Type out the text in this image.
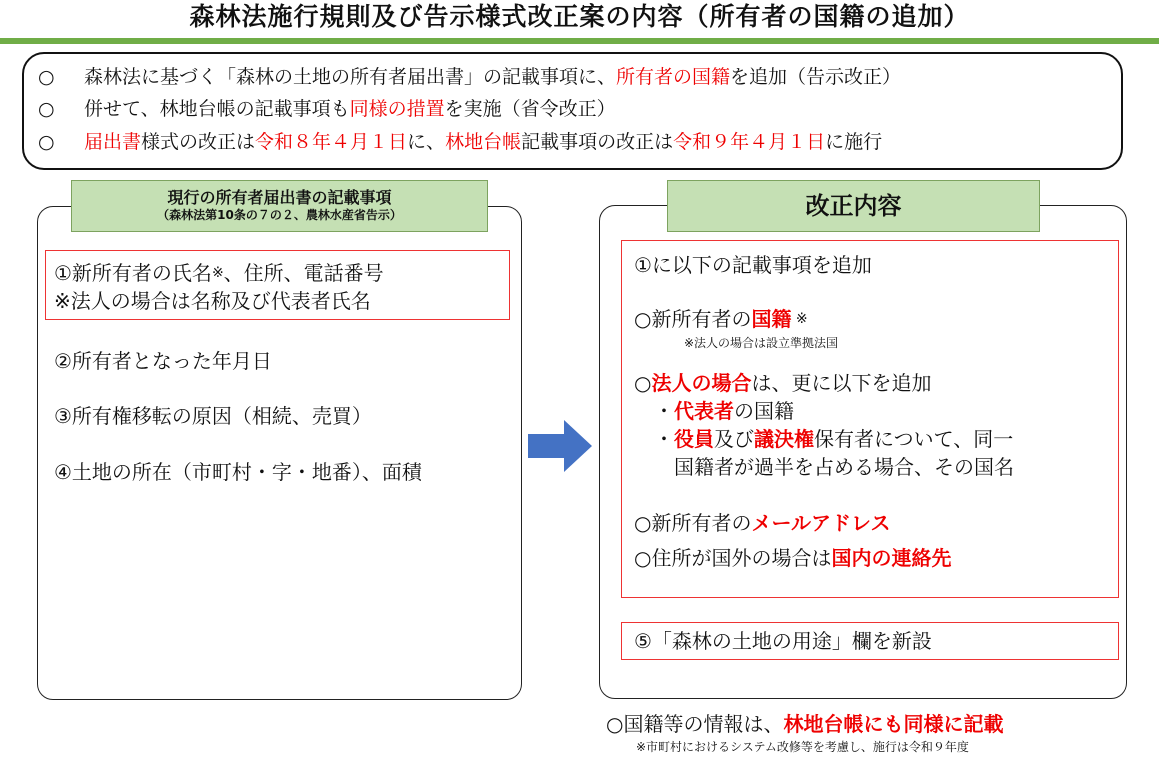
森林法施行規則及び告示様式改正案の内容（所有者の国籍の追加）
○ 森林法に基づく「森林の土地の所有者届出書」の記載事項に、所有者の国籍を追加（告示改正）
○ 併せて、林地台帳の記載事項も同様の措置を実施（省令改正）
○ 届出書様式の改正は令和８年４月１日に、林地台帳記載事項の改正は令和９年４月１日に施行
現行の所有者届出書の記載事項
（森林法第10条の７の２、農林水産省告示）
①新所有者の氏名※、住所、電話番号
※法人の場合は名称及び代表者氏名
②所有者となった年月日
③所有権移転の原因（相続、売買）
④土地の所在（市町村・字・地番）、面積
改正内容
①に以下の記載事項を追加
○新所有者の国籍 ※
※法人の場合は設立準拠法国
○法人の場合は、更に以下を追加
・代表者の国籍
・役員及び議決権保有者について、同一
国籍者が過半を占める場合、その国名
○新所有者のメールアドレス
○住所が国外の場合は国内の連絡先
⑤「森林の土地の用途」欄を新設
○国籍等の情報は、林地台帳にも同様に記載
※市町村におけるシステム改修等を考慮し、施行は令和９年度
